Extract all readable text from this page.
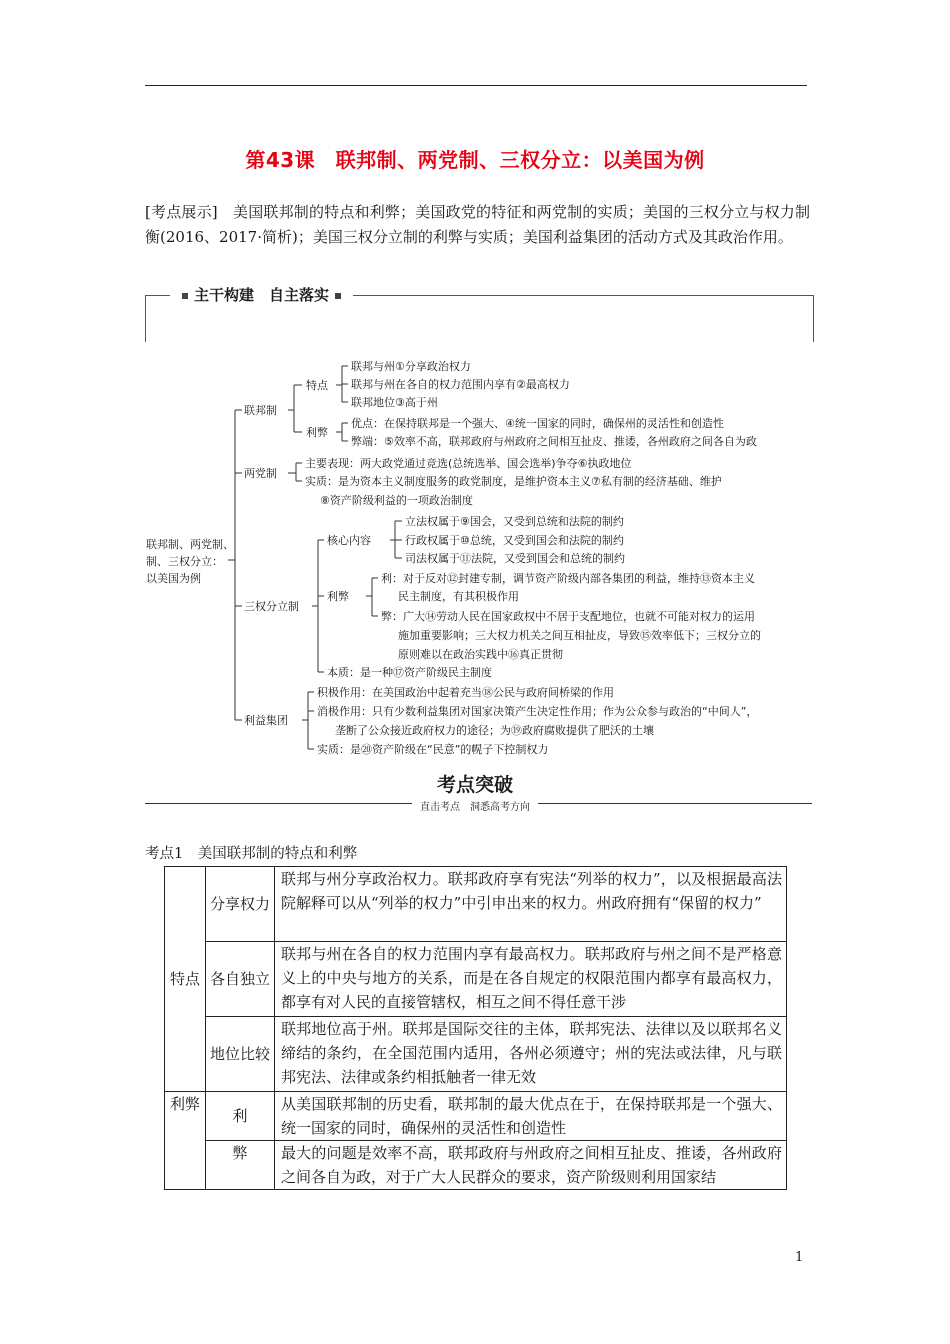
第43课　联邦制、两党制、三权分立：以美国为例
[考点展示]　美国联邦制的特点和利弊；美国政党的特征和两党制的实质；美国的三权分立与权力制衡(2016、2017·简析)；美国三权分立制的利弊与实质；美国利益集团的活动方式及其政治作用。
主干构建　自主落实
联邦制、两党制、
制、三权分立：
以美国为例
联邦制
特点
联邦与州①分享政治权力
联邦与州在各自的权力范围内享有②最高权力
联邦地位③高于州
利弊
优点：在保持联邦是一个强大、④统一国家的同时，确保州的灵活性和创造性
弊端：⑤效率不高，联邦政府与州政府之间相互扯皮、推诿，各州政府之间各自为政
两党制
主要表现：两大政党通过竞选(总统选举、国会选举)争夺⑥执政地位
实质：是为资本主义制度服务的政党制度，是维护资本主义⑦私有制的经济基础、维护
⑧资产阶级利益的一项政治制度
三权分立制
核心内容
立法权属于⑨国会，又受到总统和法院的制约
行政权属于⑩总统，又受到国会和法院的制约
司法权属于⑪法院，又受到国会和总统的制约
利弊
利：对于反对⑫封建专制，调节资产阶级内部各集团的利益，维持⑬资本主义
民主制度，有其积极作用
弊：广大⑭劳动人民在国家政权中不居于支配地位，也就不可能对权力的运用
施加重要影响；三大权力机关之间互相扯皮，导致⑮效率低下；三权分立的
原则难以在政治实践中⑯真正贯彻
本质：是一种⑰资产阶级民主制度
利益集团
积极作用：在美国政治中起着充当⑱公民与政府间桥梁的作用
消极作用：只有少数利益集团对国家决策产生决定性作用；作为公众参与政治的“中间人”，
垄断了公众接近政府权力的途径；为⑲政府腐败提供了肥沃的土壤
实质：是⑳资产阶级在“民意”的幌子下控制权力
考点突破
直击考点　洞悉高考方向
考点1　美国联邦制的特点和利弊
特点	分享权力	联邦与州分享政治权力。联邦政府享有宪法“列举的权力”，以及根据最高法院解释可以从“列举的权力”中引申出来的权力。州政府拥有“保留的权力”
	各自独立	联邦与州在各自的权力范围内享有最高权力。联邦政府与州之间不是严格意义上的中央与地方的关系，而是在各自规定的权限范围内都享有最高权力，都享有对人民的直接管辖权，相互之间不得任意干涉
	地位比较	联邦地位高于州。联邦是国际交往的主体，联邦宪法、法律以及以联邦名义缔结的条约，在全国范围内适用，各州必须遵守；州的宪法或法律，凡与联邦宪法、法律或条约相抵触者一律无效
利弊	利	从美国联邦制的历史看，联邦制的最大优点在于，在保持联邦是一个强大、统一国家的同时，确保州的灵活性和创造性
	弊	最大的问题是效率不高，联邦政府与州政府之间相互扯皮、推诿，各州政府之间各自为政，对于广大人民群众的要求，资产阶级则利用国家结
1
